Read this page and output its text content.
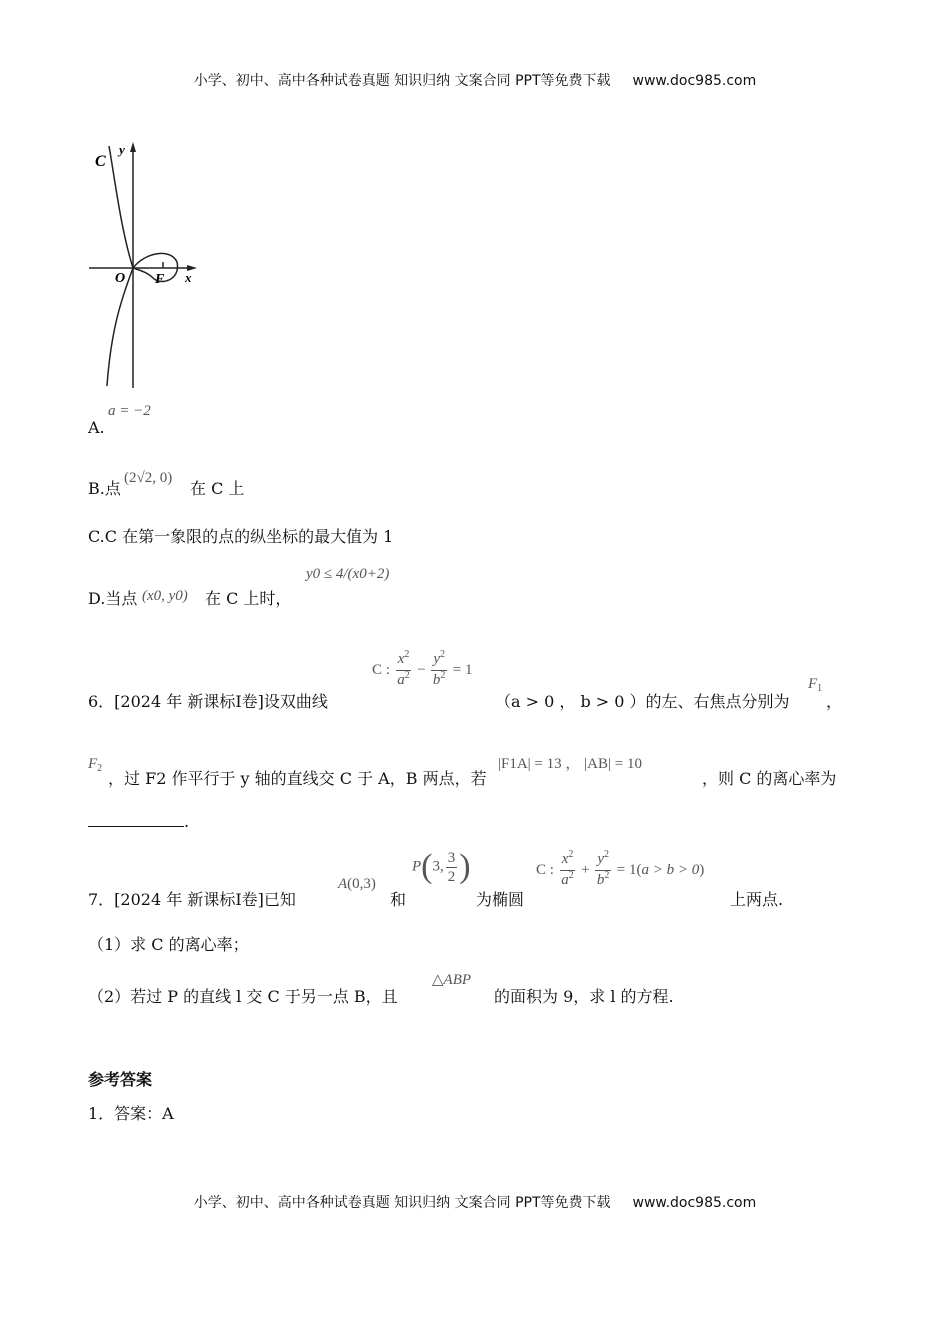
小学、初中、高中各种试卷真题 知识归纳 文案合同 PPT等免费下载 www.doc985.com
C
y
x
O F
A.
a = −2
B.点
(2√2, 0)
在 C 上
C.C 在第一象限的点的纵坐标的最大值为 1
D.当点 (x0, y0) 在 C 上时，
y0 ≤ 4/(x0+2)
6．[2024 年 新课标Ⅰ卷]设双曲线
C : $\frac{x^2}{a^2} - \frac{y^2}{b^2} = 1$
（a > 0 ， b > 0 ）的左、右焦点分别为
$F_1$
，
$F_2$
，过 F2 作平行于 y 轴的直线交 C 于 A，B 两点，若
|F1A| = 13 ， |AB| = 10
，则 C 的离心率为
.
7．[2024 年 新课标Ⅰ卷]已知
A(0,3)
和
P(3, $\frac{3}{2}$ )
为椭圆
C : $\frac{x^2}{a^2} + \frac{y^2}{b^2} = 1(a > b > 0)$
上两点.
（1）求 C 的离心率；
（2）若过 P 的直线 l 交 C 于另一点 B，且
△ABP
的面积为 9，求 l 的方程.
参考答案
1．答案：A
小学、初中、高中各种试卷真题 知识归纳 文案合同 PPT等免费下载 www.doc985.com
